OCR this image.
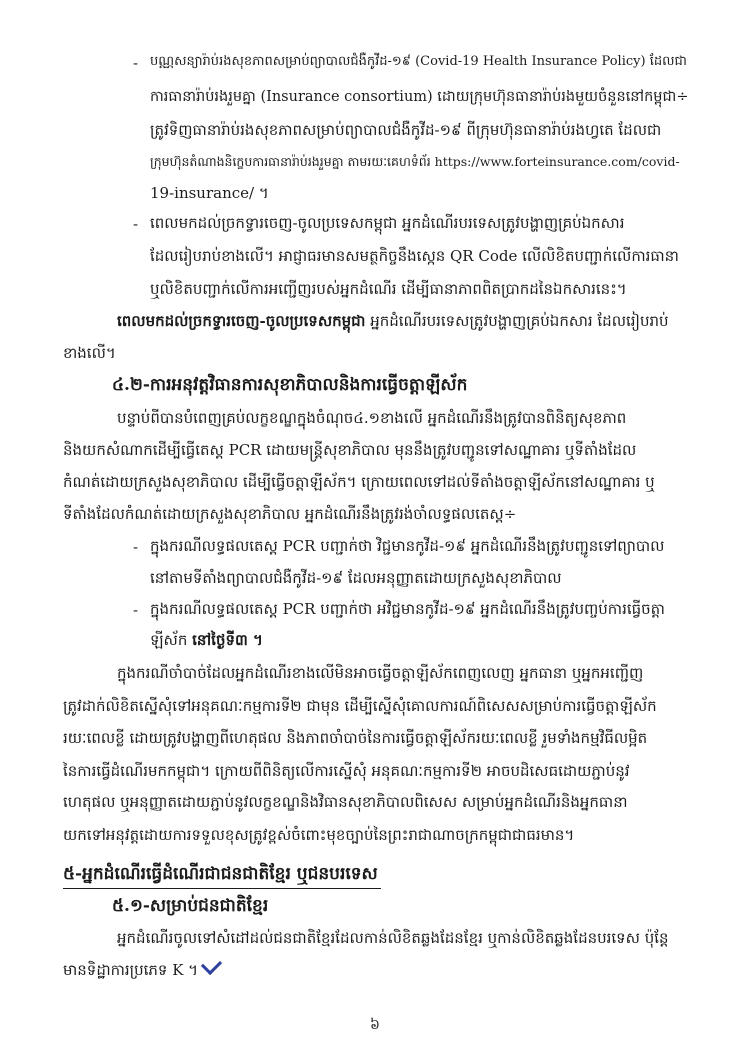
- បណ្ណសន្យារ៉ាប់រងសុខភាពសម្រាប់ព្យាបាលជំងឺកូវីដ-១៩ (Covid-19 Health Insurance Policy) ដែលជា
ការធានារ៉ាប់រងរួមគ្នា (Insurance consortium) ដោយក្រុមហ៊ុនធានារ៉ាប់រងមួយចំនួននៅកម្ពុជា÷
ត្រូវទិញធានារ៉ាប់រងសុខភាពសម្រាប់ព្យាបាលជំងឺកូវីដ-១៩ ពីក្រុមហ៊ុនធានារ៉ាប់រងហ្វតេ ដែលជា
ក្រុមហ៊ុនតំណាងនិក្ខេបការធានារ៉ាប់រងរួមគ្នា តាមរយៈគេហទំព័រ https://www.forteinsurance.com/covid-
19-insurance/ ។
- ពេលមកដល់ច្រកទ្វារចេញ-ចូលប្រទេសកម្ពុជា អ្នកដំណើរបរទេសត្រូវបង្ហាញគ្រប់ឯកសារ
ដែលរៀបរាប់ខាងលើ។ អាជ្ញាធរមានសមត្ថកិច្ចនឹងស្កេន QR Code លើលិខិតបញ្ជាក់លើការធានា
ឬលិខិតបញ្ជាក់លើការអញ្ជើញរបស់អ្នកដំណើរ ដើម្បីធានាភាពពិតប្រាកដនៃឯកសារនេះ។
ពេលមកដល់ច្រកទ្វារចេញ-ចូលប្រទេសកម្ពុជា អ្នកដំណើរបរទេសត្រូវបង្ហាញគ្រប់ឯកសារ ដែលរៀបរាប់
ខាងលើ។
៤.២-ការអនុវត្តវិធានការសុខាភិបាលនិងការធ្វើចត្តាឡីស័ក
បន្ទាប់ពីបានបំពេញគ្រប់លក្ខខណ្ឌក្នុងចំណុច៤.១ខាងលើ អ្នកដំណើរនឹងត្រូវបានពិនិត្យសុខភាព
និងយកសំណាកដើម្បីធ្វើតេស្ត PCR ដោយមន្ត្រីសុខាភិបាល មុននឹងត្រូវបញ្ជូនទៅសណ្ឋាគារ ឬទីតាំងដែល
កំណត់ដោយក្រសួងសុខាភិបាល ដើម្បីធ្វើចត្តាឡីស័ក។ ក្រោយពេលទៅដល់ទីតាំងចត្តាឡីស័កនៅសណ្ឋាគារ ឬ
ទីតាំងដែលកំណត់ដោយក្រសួងសុខាភិបាល អ្នកដំណើរនឹងត្រូវរង់ចាំលទ្ធផលតេស្ត÷
- ក្នុងករណីលទ្ធផលតេស្ត PCR បញ្ជាក់ថា វិជ្ជមានកូវីដ-១៩ អ្នកដំណើរនឹងត្រូវបញ្ជូនទៅព្យាបាល
នៅតាមទីតាំងព្យាបាលជំងឺកូវីដ-១៩ ដែលអនុញ្ញាតដោយក្រសួងសុខាភិបាល
- ក្នុងករណីលទ្ធផលតេស្ត PCR បញ្ជាក់ថា អវិជ្ជមានកូវីដ-១៩ អ្នកដំណើរនឹងត្រូវបញ្ចប់ការធ្វើចត្តា
ឡីស័ក នៅថ្ងៃទី៣ ។
ក្នុងករណីចាំបាច់ដែលអ្នកដំណើរខាងលើមិនអាចធ្វើចត្តាឡីស័កពេញលេញ អ្នកធានា ឬអ្នកអញ្ជើញ
ត្រូវដាក់លិខិតស្នើសុំទៅអនុគណៈកម្មការទី២ ជាមុន ដើម្បីស្នើសុំគោលការណ៍ពិសេសសម្រាប់ការធ្វើចត្តាឡីស័ក
រយៈពេលខ្លី ដោយត្រូវបង្ហាញពីហេតុផល និងភាពចាំបាច់នៃការធ្វើចត្តាឡីស័ករយៈពេលខ្លី រួមទាំងកម្មវិធីលម្អិត
នៃការធ្វើដំណើរមកកម្ពុជា។ ក្រោយពីពិនិត្យលើការស្នើសុំ អនុគណៈកម្មការទី២ អាចបដិសេធដោយភ្ជាប់នូវ
ហេតុផល ឬអនុញ្ញាតដោយភ្ជាប់នូវលក្ខខណ្ឌនិងវិធានសុខាភិបាលពិសេស សម្រាប់អ្នកដំណើរនិងអ្នកធានា
យកទៅអនុវត្តដោយការទទួលខុសត្រូវខ្ពស់ចំពោះមុខច្បាប់នៃព្រះរាជាណាចក្រកម្ពុជាជាធរមាន។
៥-អ្នកដំណើរធ្វើដំណើរជាជនជាតិខ្មែរ ឬជនបរទេស
៥.១-សម្រាប់ជនជាតិខ្មែរ
អ្នកដំណើរចូលទៅសំដៅដល់ជនជាតិខ្មែរដែលកាន់លិខិតឆ្លងដែនខ្មែរ ឬកាន់លិខិតឆ្លងដែនបរទេស ប៉ុន្តែ
មានទិដ្ឋាការប្រភេទ K ។
៦
